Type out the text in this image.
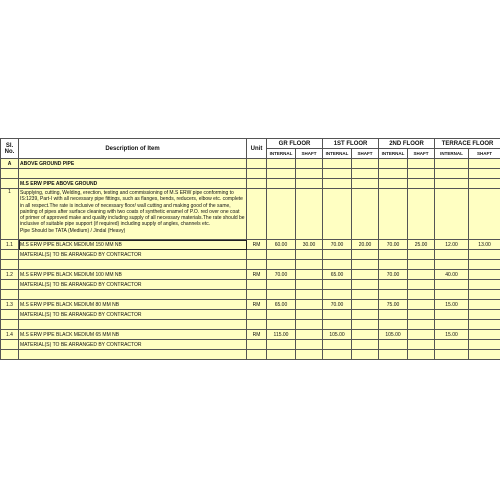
Sl.
No.	Description of Item	Unit	GR FLOOR		1ST FLOOR		2ND FLOOR		TERRACE FLOOR	
			INTERNAL	SHAFT	INTERNAL	SHAFT	INTERNAL	SHAFT	INTERNAL	SHAFT
A	ABOVE GROUND PIPE									

	M.S ERW PIPE ABOVE GROUND									
1	Supplying, cutting, Welding, erection, testing and commissioning of M.S ERW pipe conforming to IS:1239, Part-I with all necessary pipe fittings, such as flanges, bends, reducers, elbow etc. complete in all respect.The rate is inclusive of necessary floor/ wall cutting and making good of the same, painting of pipes after surface cleaning with two coats of synthetic enamel of P.O. red over one coat of primer of approved make and quality including supply of all necessary materials.The rate should be inclusive of suitable pipe support (if required) including supply of angles, channels etc.
Pipe Should be TATA (Medium) / Jindal (Heavy)									
1.1	M.S ERW PIPE BLACK MEDIUM 150 MM NB	RM	60.00	30.00	70.00	20.00	70.00	25.00	12.00	13.00
	MATERIAL(S) TO BE ARRANGED BY CONTRACTOR									

1.2	M.S ERW PIPE BLACK MEDIUM 100 MM NB	RM	70.00		65.00		70.00		40.00	
	MATERIAL(S) TO BE ARRANGED BY CONTRACTOR									

1.3	M.S ERW PIPE BLACK MEDIUM 80 MM NB	RM	65.00		70.00		75.00		15.00	
	MATERIAL(S) TO BE ARRANGED BY CONTRACTOR									

1.4	M.S ERW PIPE BLACK MEDIUM 65 MM NB	RM	115.00		105.00		105.00		15.00	
	MATERIAL(S) TO BE ARRANGED BY CONTRACTOR									
